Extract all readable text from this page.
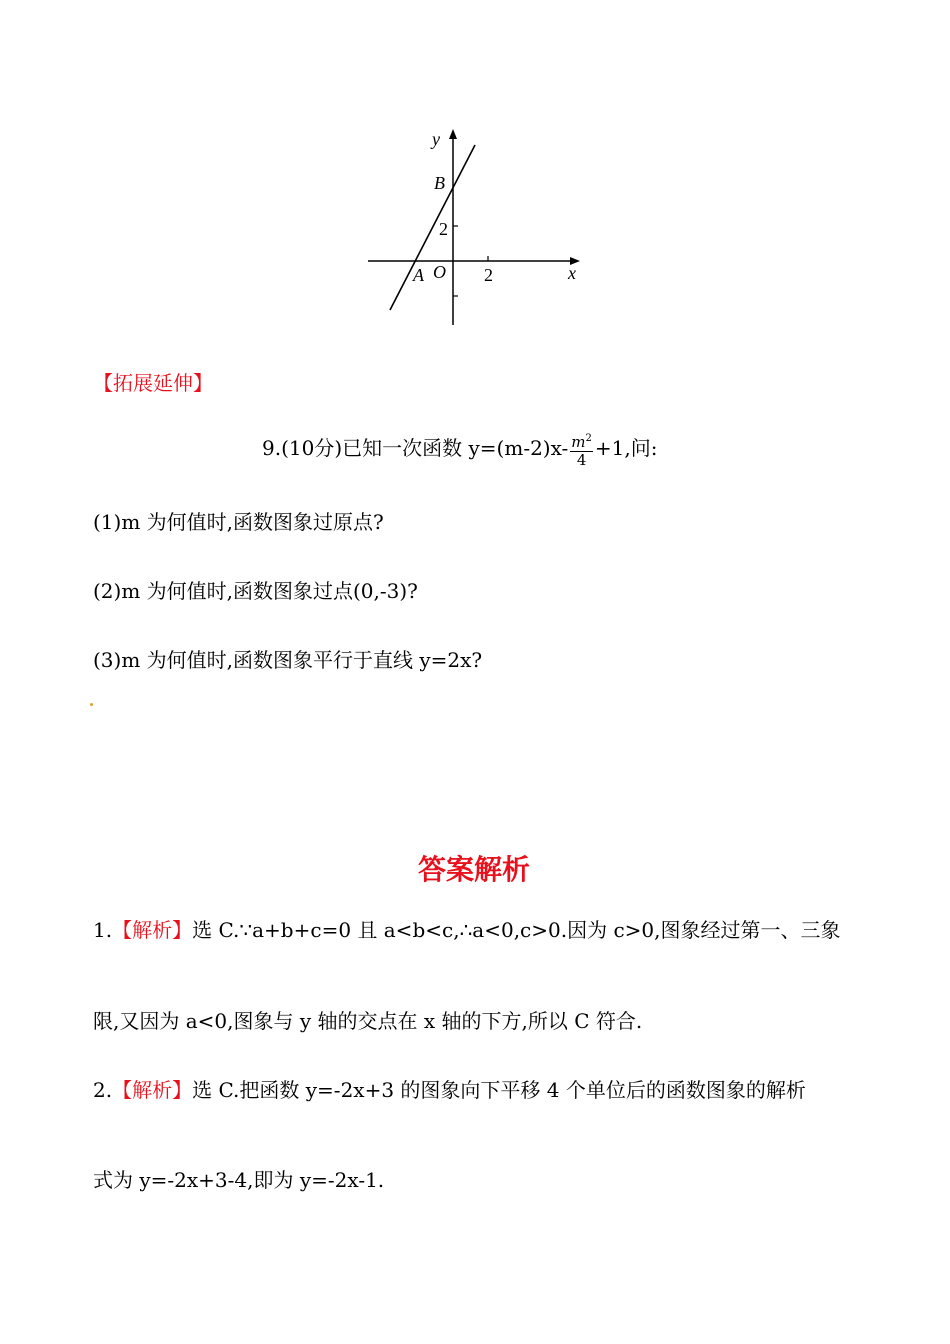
y
x
B
2
A O 2
【拓展延伸】
9.(10分)已知一次函数 $y=(m-2)x- \frac{m^2}{4} +1$,问:
(1)m 为何值时,函数图象过原点?
(2)m 为何值时,函数图象过点(0,-3)?
(3)m 为何值时,函数图象平行于直线 y=2x?
答案解析
1.【解析】选 C.∵a+b+c=0 且 a<b<c,∴a<0,c>0.因为 c>0,图象经过第一、三象
限,又因为 a<0,图象与 y 轴的交点在 x 轴的下方,所以 C 符合.
2.【解析】选 C.把函数 y=-2x+3 的图象向下平移 4 个单位后的函数图象的解析
式为 y=-2x+3-4,即为 y=-2x-1.
